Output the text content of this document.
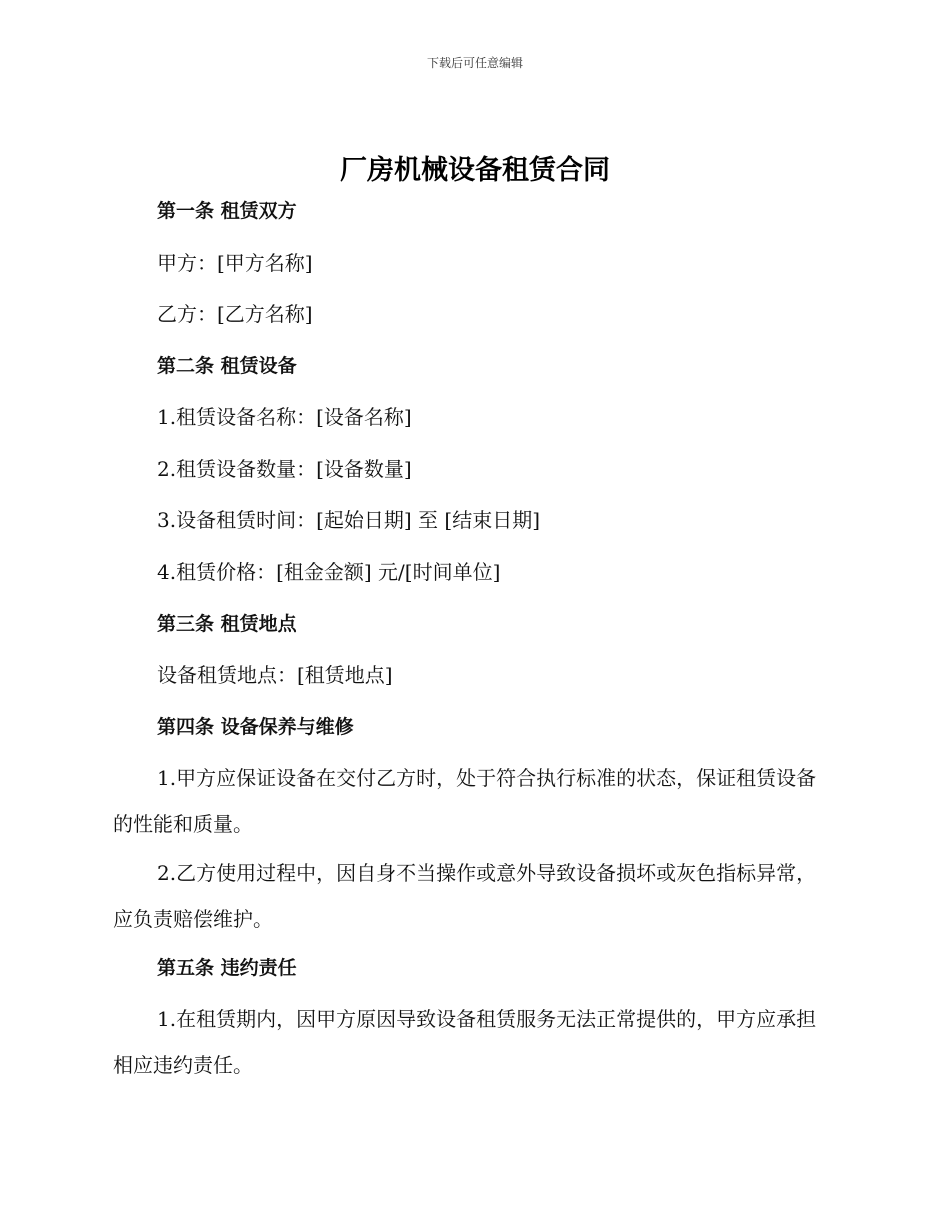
下载后可任意编辑
厂房机械设备租赁合同
第一条 租赁双方
甲方：[甲方名称]
乙方：[乙方名称]
第二条 租赁设备
1.租赁设备名称：[设备名称]
2.租赁设备数量：[设备数量]
3.设备租赁时间：[起始日期] 至 [结束日期]
4.租赁价格：[租金金额] 元/[时间单位]
第三条 租赁地点
设备租赁地点：[租赁地点]
第四条 设备保养与维修
1.甲方应保证设备在交付乙方时，处于符合执行标准的状态，保证租赁设备的性能和质量。
2.乙方使用过程中，因自身不当操作或意外导致设备损坏或灰色指标异常，应负责赔偿维护。
第五条 违约责任
1.在租赁期内，因甲方原因导致设备租赁服务无法正常提供的，甲方应承担相应违约责任。
